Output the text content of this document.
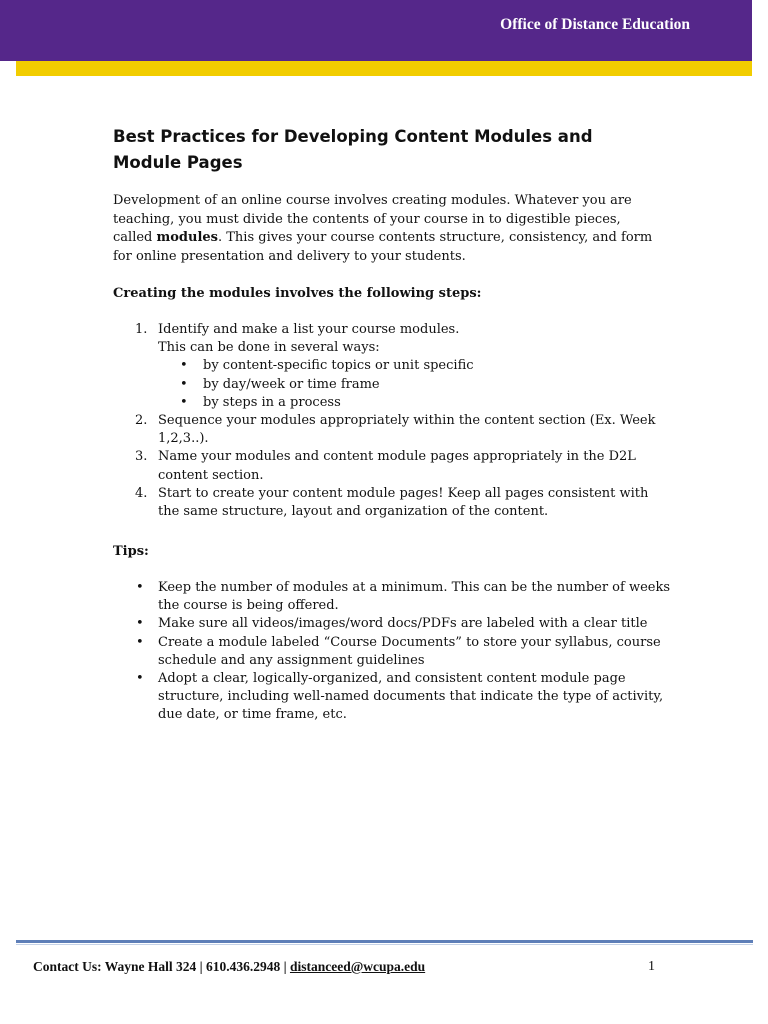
Office of Distance Education
Best Practices for Developing Content Modules and Module Pages

Development of an online course involves creating modules. Whatever you are teaching, you must divide the contents of your course in to digestible pieces, called modules. This gives your course contents structure, consistency, and form for online presentation and delivery to your students.

Creating the modules involves the following steps:

1. Identify and make a list your course modules.
This can be done in several ways:
• by content-specific topics or unit specific
• by day/week or time frame
• by steps in a process
2. Sequence your modules appropriately within the content section (Ex. Week 1,2,3..).
3. Name your modules and content module pages appropriately in the D2L content section.
4. Start to create your content module pages! Keep all pages consistent with the same structure, layout and organization of the content.

Tips:

• Keep the number of modules at a minimum. This can be the number of weeks the course is being offered.
• Make sure all videos/images/word docs/PDFs are labeled with a clear title
• Create a module labeled “Course Documents” to store your syllabus, course schedule and any assignment guidelines
• Adopt a clear, logically-organized, and consistent content module page structure, including well-named documents that indicate the type of activity, due date, or time frame, etc.
Contact Us: Wayne Hall 324 | 610.436.2948 | distanceed@wcupa.edu	1
